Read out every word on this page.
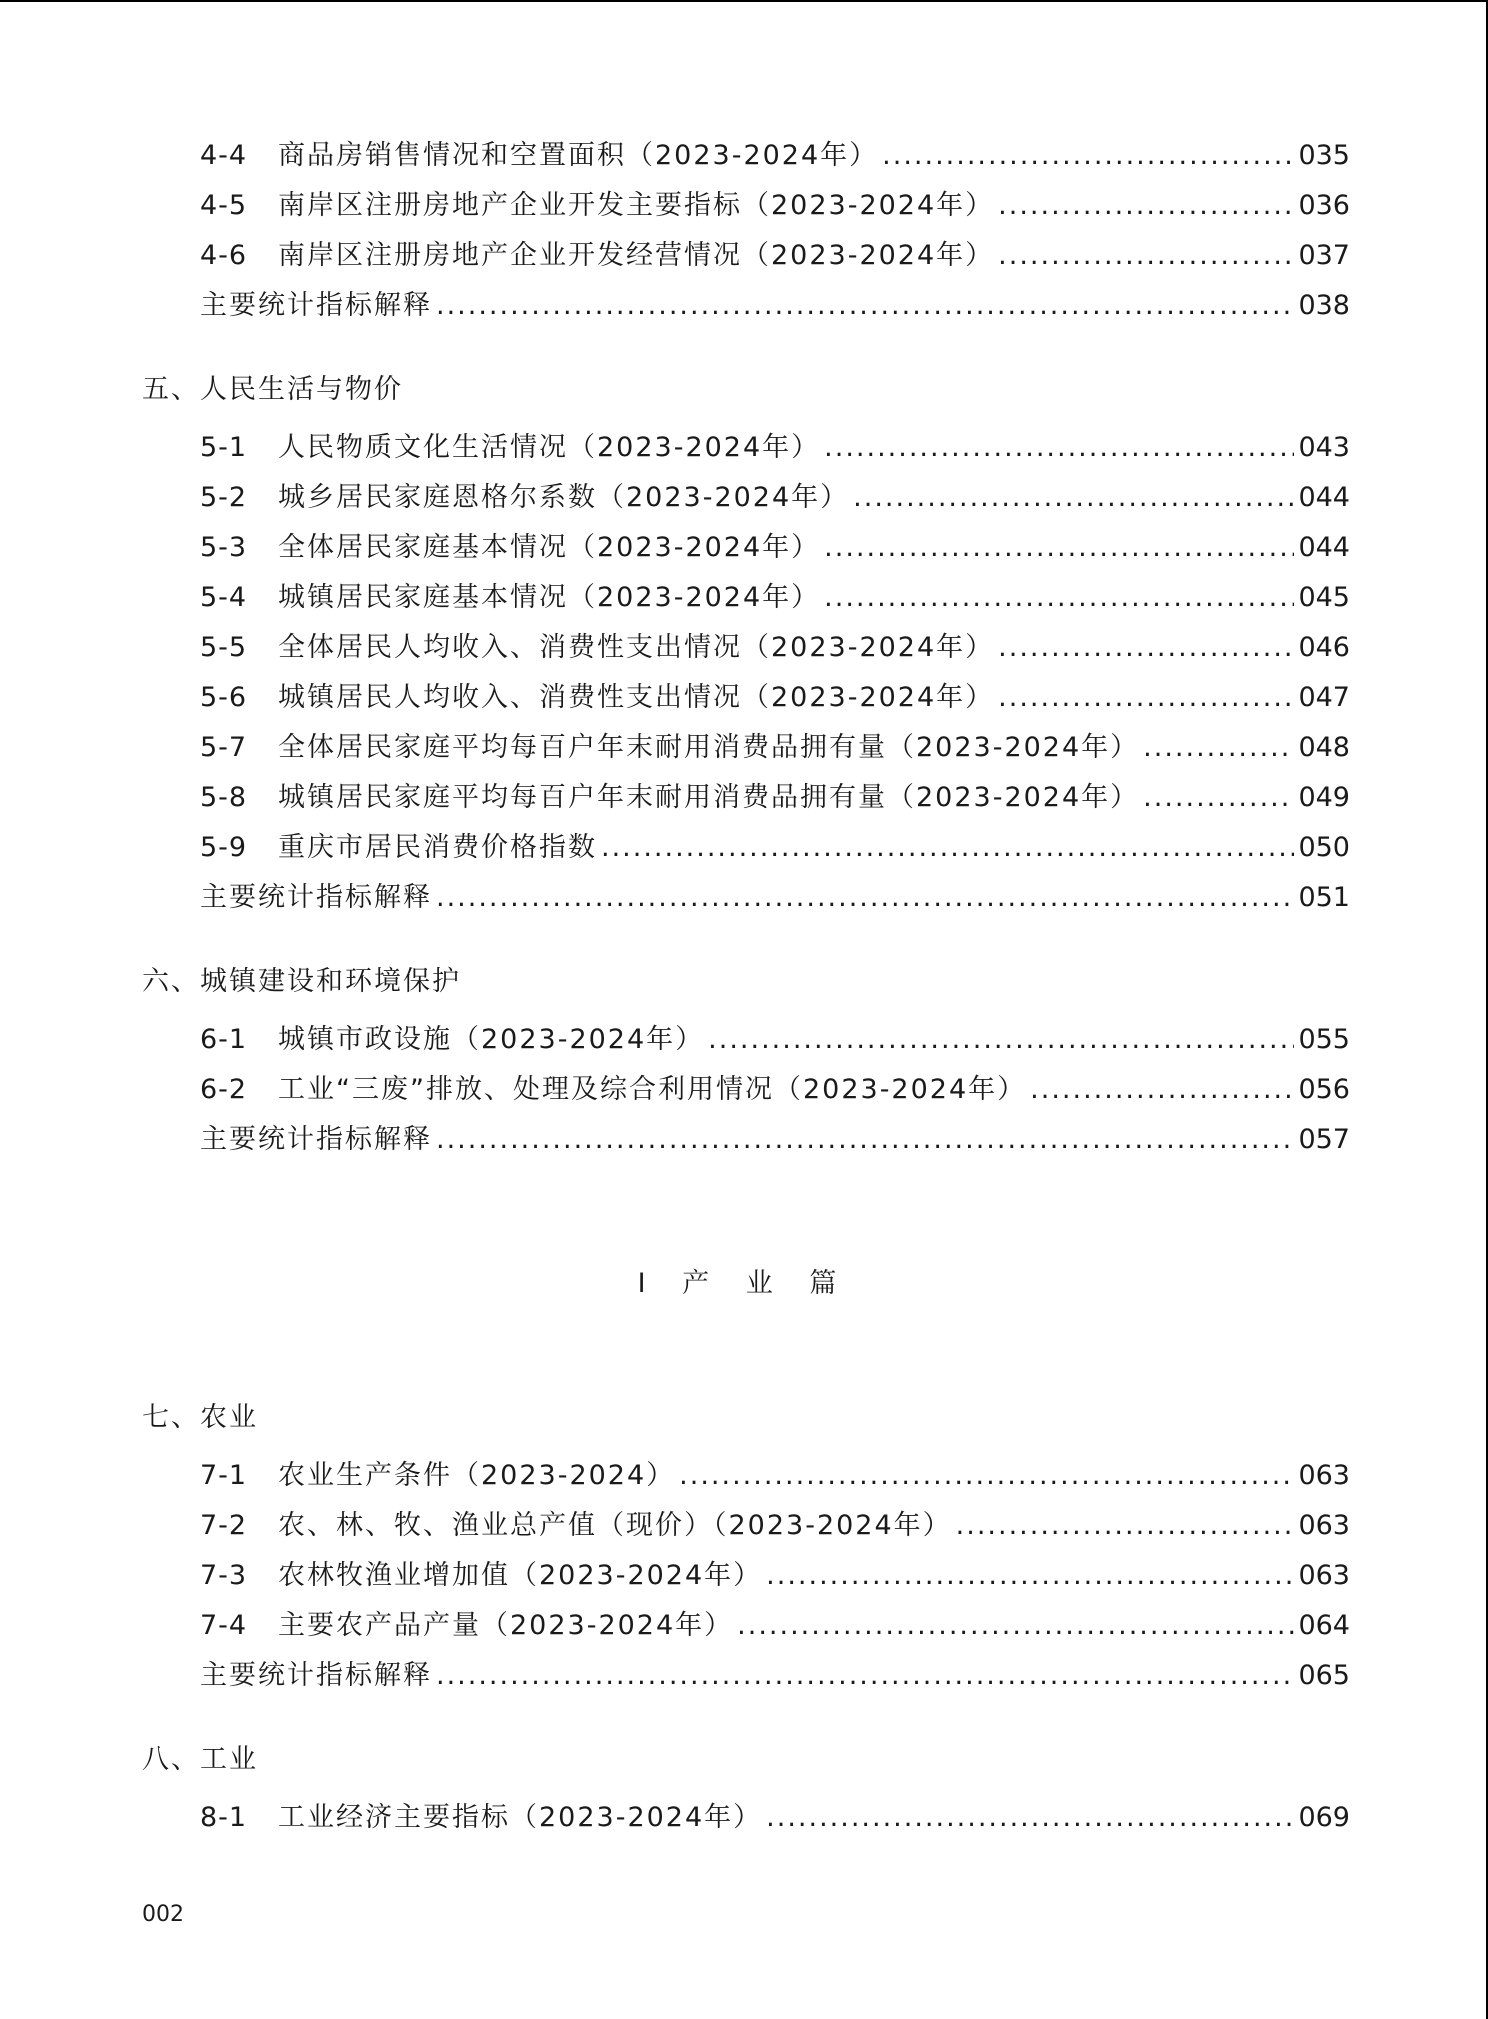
4-4	商品房销售情况和空置面积（2023-2024年） .....	035
4-5	南岸区注册房地产企业开发主要指标（2023-2024年） .....	036
4-6	南岸区注册房地产企业开发经营情况（2023-2024年） .....	037
主要统计指标解释 .....	038
五、人民生活与物价
5-1	人民物质文化生活情况（2023-2024年） .....	043
5-2	城乡居民家庭恩格尔系数（2023-2024年） .....	044
5-3	全体居民家庭基本情况（2023-2024年） .....	044
5-4	城镇居民家庭基本情况（2023-2024年） .....	045
5-5	全体居民人均收入、消费性支出情况（2023-2024年） .....	046
5-6	城镇居民人均收入、消费性支出情况（2023-2024年） .....	047
5-7	全体居民家庭平均每百户年末耐用消费品拥有量（2023-2024年） .....	048
5-8	城镇居民家庭平均每百户年末耐用消费品拥有量（2023-2024年） .....	049
5-9	重庆市居民消费价格指数 .....	050
主要统计指标解释 .....	051
六、城镇建设和环境保护
6-1	城镇市政设施（2023-2024年） .....	055
6-2	工业“三废”排放、处理及综合利用情况（2023-2024年） .....	056
主要统计指标解释 .....	057
Ⅰ 产 业 篇
七、农业
7-1	农业生产条件（2023-2024） .....	063
7-2	农、林、牧、渔业总产值（现价）（2023-2024年） .....	063
7-3	农林牧渔业增加值（2023-2024年） .....	063
7-4	主要农产品产量（2023-2024年） .....	064
主要统计指标解释 .....	065
八、工业
8-1	工业经济主要指标（2023-2024年） .....	069
002
